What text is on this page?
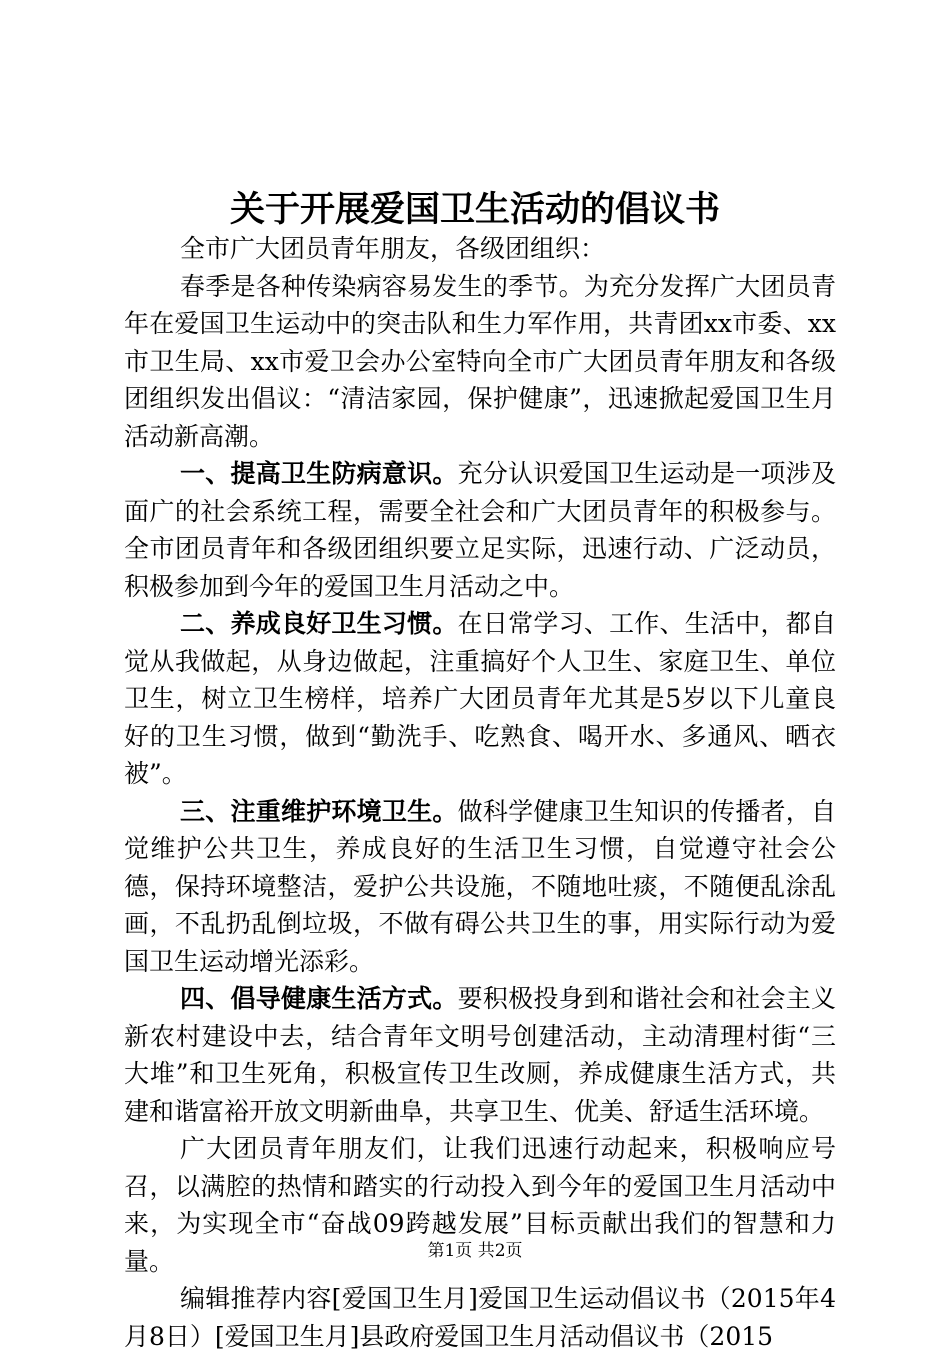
关于开展爱国卫生活动的倡议书

全市广大团员青年朋友，各级团组织：

春季是各种传染病容易发生的季节。为充分发挥广大团员青年在爱国卫生运动中的突击队和生力军作用，共青团xx市委、xx市卫生局、xx市爱卫会办公室特向全市广大团员青年朋友和各级团组织发出倡议：“清洁家园，保护健康”，迅速掀起爱国卫生月活动新高潮。

一、提高卫生防病意识。充分认识爱国卫生运动是一项涉及面广的社会系统工程，需要全社会和广大团员青年的积极参与。全市团员青年和各级团组织要立足实际，迅速行动、广泛动员，积极参加到今年的爱国卫生月活动之中。

二、养成良好卫生习惯。在日常学习、工作、生活中，都自觉从我做起，从身边做起，注重搞好个人卫生、家庭卫生、单位卫生，树立卫生榜样，培养广大团员青年尤其是5岁以下儿童良好的卫生习惯，做到“勤洗手、吃熟食、喝开水、多通风、晒衣被”。

三、注重维护环境卫生。做科学健康卫生知识的传播者，自觉维护公共卫生，养成良好的生活卫生习惯，自觉遵守社会公德，保持环境整洁，爱护公共设施，不随地吐痰，不随便乱涂乱画，不乱扔乱倒垃圾，不做有碍公共卫生的事，用实际行动为爱国卫生运动增光添彩。

四、倡导健康生活方式。要积极投身到和谐社会和社会主义新农村建设中去，结合青年文明号创建活动，主动清理村街“三大堆”和卫生死角，积极宣传卫生改厕，养成健康生活方式，共建和谐富裕开放文明新曲阜，共享卫生、优美、舒适生活环境。

广大团员青年朋友们，让我们迅速行动起来，积极响应号召，以满腔的热情和踏实的行动投入到今年的爱国卫生月活动中来，为实现全市“奋战09跨越发展”目标贡献出我们的智慧和力量。

编辑推荐内容[爱国卫生月]爱国卫生运动倡议书（2015年4月8日）[爱国卫生月]县政府爱国卫生月活动倡议书（2015

第1页 共2页
